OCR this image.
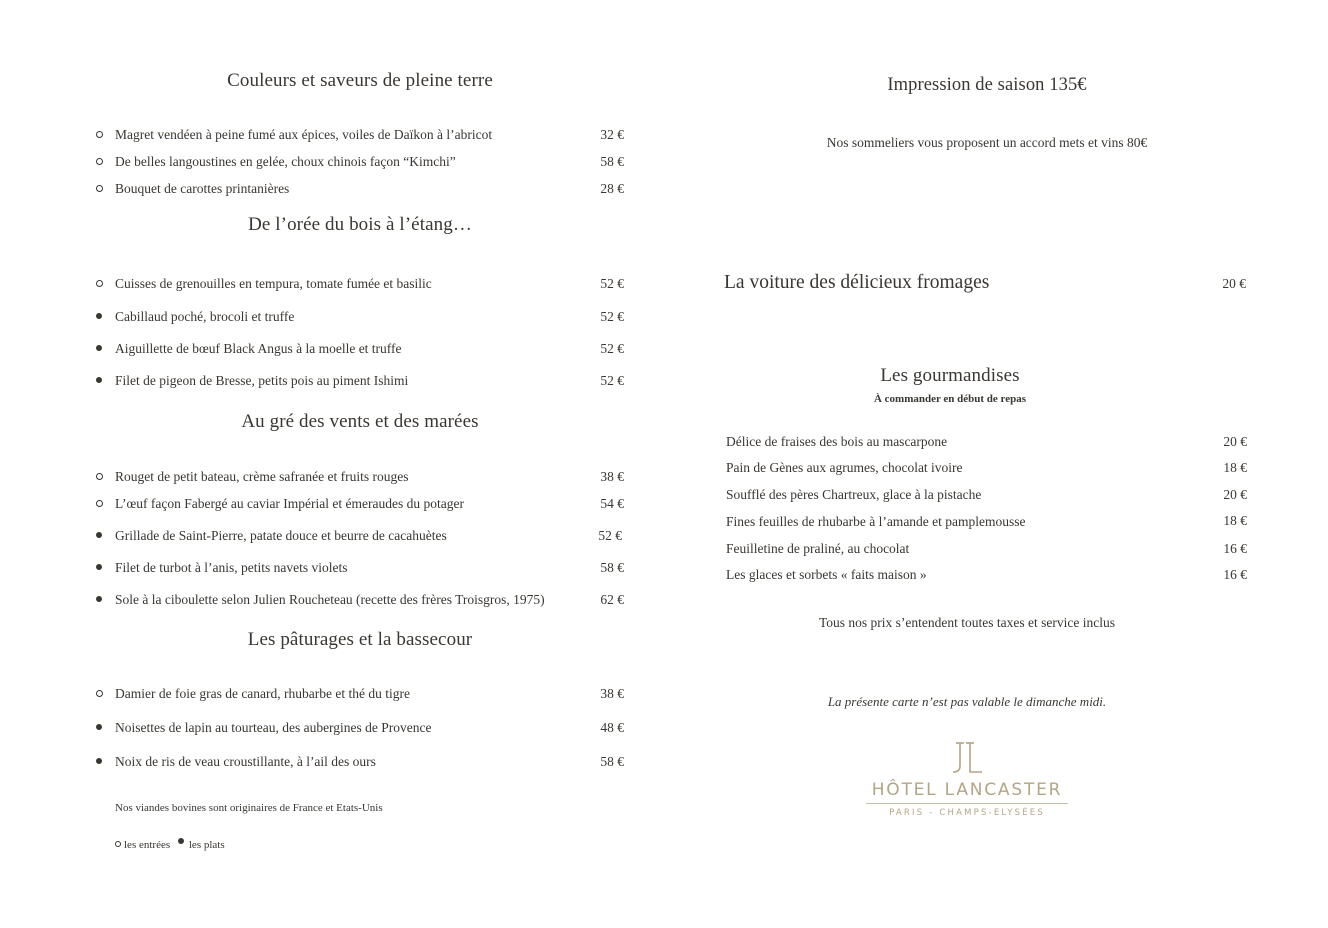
Couleurs et saveurs de pleine terre
Magret vendéen à peine fumé aux épices, voiles de Daïkon à l’abricot	32 €
De belles langoustines en gelée, choux chinois façon “Kimchi”	58 €
Bouquet de carottes printanières	28 €
De l’orée du bois à l’étang…
Cuisses de grenouilles en tempura, tomate fumée et basilic	52 €
Cabillaud poché, brocoli et truffe	52 €
Aiguillette de bœuf Black Angus à la moelle et truffe	52 €
Filet de pigeon de Bresse, petits pois au piment Ishimi	52 €
Au gré des vents et des marées
Rouget de petit bateau, crème safranée et fruits rouges	38 €
L’œuf façon Fabergé au caviar Impérial et émeraudes du potager	54 €
Grillade de Saint-Pierre, patate douce et beurre de cacahuètes	52 €
Filet de turbot à l’anis, petits navets violets	58 €
Sole à la ciboulette selon Julien Roucheteau (recette des frères Troisgros, 1975)	62 €
Les pâturages et la bassecour
Damier de foie gras de canard, rhubarbe et thé du tigre	38 €
Noisettes de lapin au tourteau, des aubergines de Provence	48 €
Noix de ris de veau croustillante, à l’ail des ours	58 €
Nos viandes bovines sont originaires de France et Etats-Unis
les entrées les plats
Impression de saison 135€
Nos sommeliers vous proposent un accord mets et vins 80€
La voiture des délicieux fromages	20 €
Les gourmandises
À commander en début de repas
Délice de fraises des bois au mascarpone	20 €
Pain de Gènes aux agrumes, chocolat ivoire	18 €
Soufflé des pères Chartreux, glace à la pistache	20 €
Fines feuilles de rhubarbe à l’amande et pamplemousse	18 €
Feuilletine de praliné, au chocolat	16 €
Les glaces et sorbets « faits maison »	16 €
Tous nos prix s’entendent toutes taxes et service inclus
La présente carte n’est pas valable le dimanche midi.
HÔTEL LANCASTER
PARIS - CHAMPS-ELYSÉES
